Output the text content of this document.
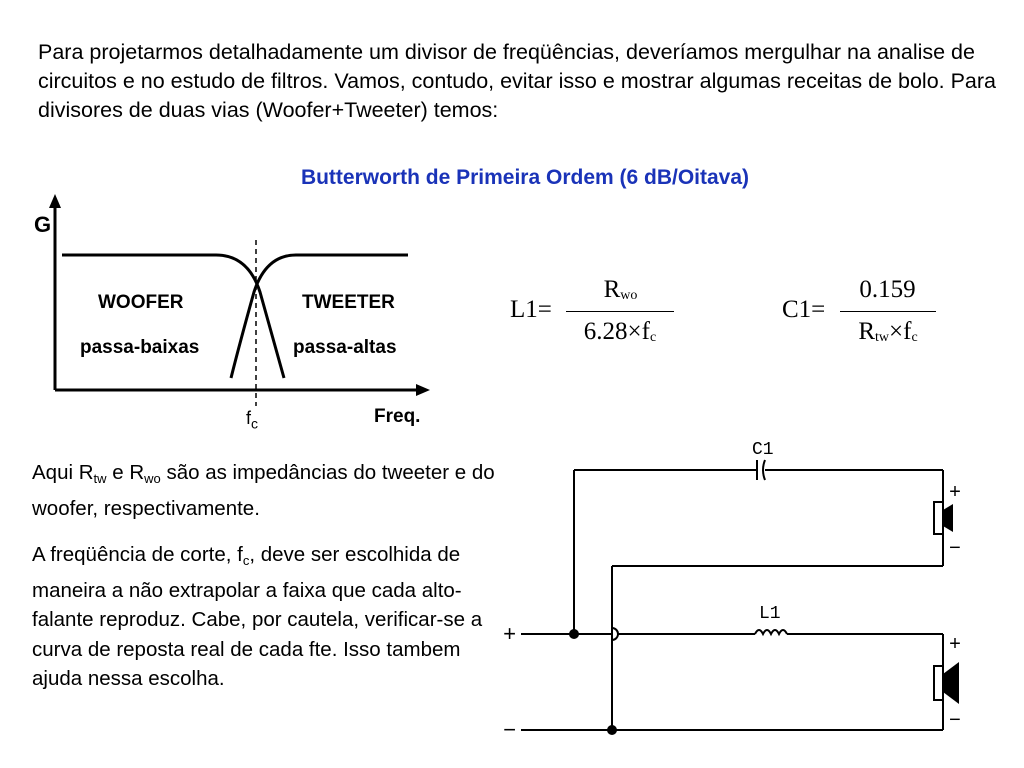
Para projetarmos detalhadamente um divisor de freqüências, deveríamos mergulhar na analise de circuitos e no estudo de filtros. Vamos, contudo, evitar isso e mostrar algumas receitas de bolo. Para divisores de duas vias (Woofer+Tweeter) temos:
Butterworth de Primeira Ordem (6 dB/Oitava)
G
Freq.
WOOFER
passa-baixas
TWEETER
passa-altas
$f_c$
L1=
$R_{wo}$
$6.28\times f_c$
C1=
0.159
$R_{tw}\times f_c$
Aqui $R_{tw}$ e $R_{wo}$ são as impedâncias do tweeter e do woofer, respectivamente.
A freqüência de corte, $f_c$, deve ser escolhida de maneira a não extrapolar a faixa que cada alto-falante reproduz. Cabe, por cautela, verificar-se a curva de reposta real de cada fte. Isso tambem ajuda nessa escolha.
C1
L1
+
−
+
−
+
−
